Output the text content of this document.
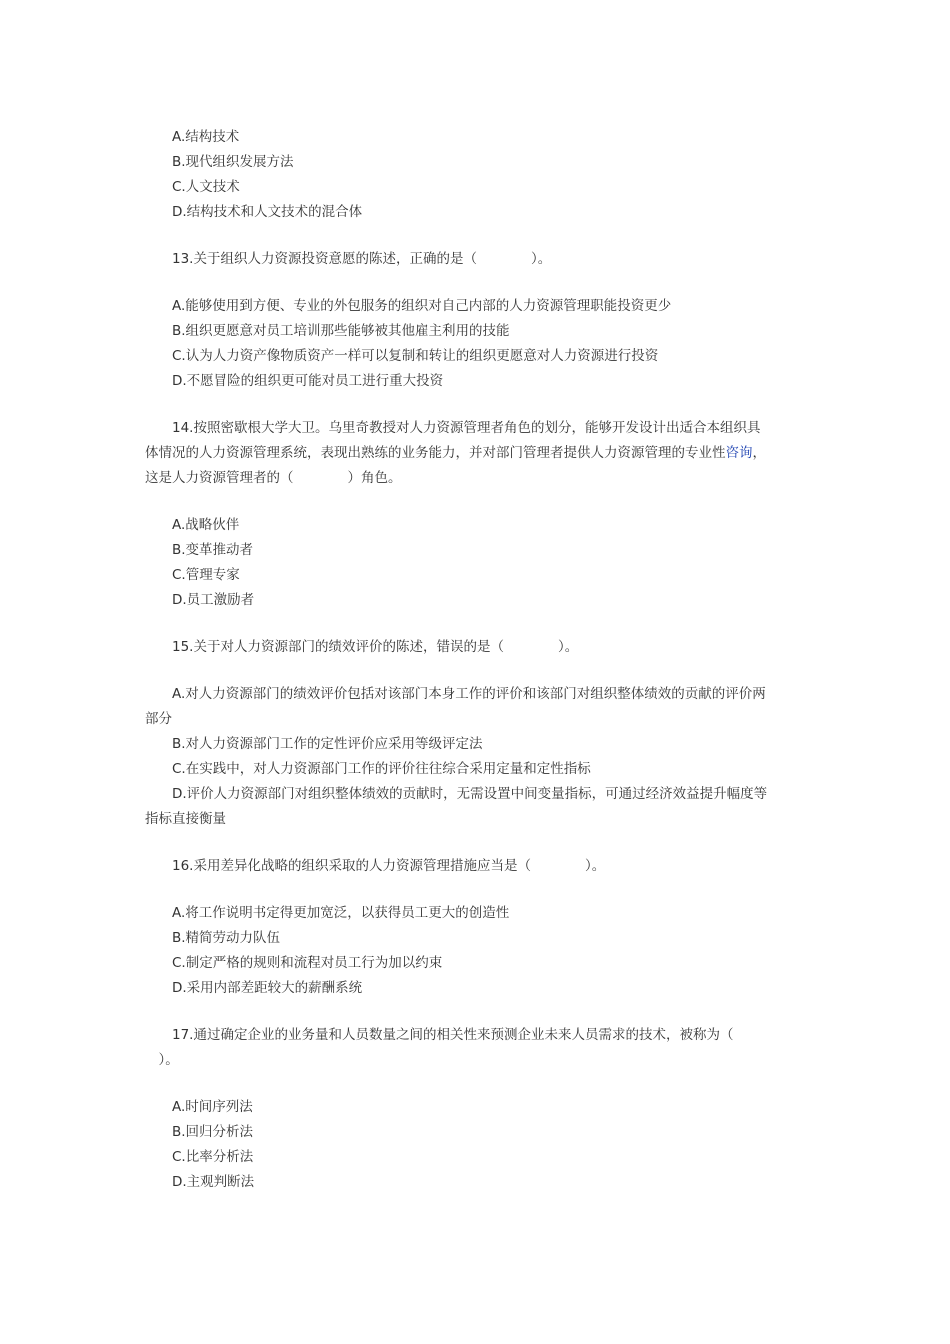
A.结构技术
B.现代组织发展方法
C.人文技术
D.结构技术和人文技术的混合体
13.关于组织人力资源投资意愿的陈述，正确的是（　　　　）。
A.能够使用到方便、专业的外包服务的组织对自己内部的人力资源管理职能投资更少
B.组织更愿意对员工培训那些能够被其他雇主利用的技能
C.认为人力资产像物质资产一样可以复制和转让的组织更愿意对人力资源进行投资
D.不愿冒险的组织更可能对员工进行重大投资
14.按照密歇根大学大卫。乌里奇教授对人力资源管理者角色的划分，能够开发设计出适合本组织具
体情况的人力资源管理系统，表现出熟练的业务能力，并对部门管理者提供人力资源管理的专业性咨询，
这是人力资源管理者的（　　　　）角色。
A.战略伙伴
B.变革推动者
C.管理专家
D.员工激励者
15.关于对人力资源部门的绩效评价的陈述，错误的是（　　　　）。
A.对人力资源部门的绩效评价包括对该部门本身工作的评价和该部门对组织整体绩效的贡献的评价两
部分
B.对人力资源部门工作的定性评价应采用等级评定法
C.在实践中，对人力资源部门工作的评价往往综合采用定量和定性指标
D.评价人力资源部门对组织整体绩效的贡献时，无需设置中间变量指标，可通过经济效益提升幅度等
指标直接衡量
16.采用差异化战略的组织采取的人力资源管理措施应当是（　　　　）。
A.将工作说明书定得更加宽泛，以获得员工更大的创造性
B.精简劳动力队伍
C.制定严格的规则和流程对员工行为加以约束
D.采用内部差距较大的薪酬系统
17.通过确定企业的业务量和人员数量之间的相关性来预测企业未来人员需求的技术，被称为（
　）。
A.时间序列法
B.回归分析法
C.比率分析法
D.主观判断法
